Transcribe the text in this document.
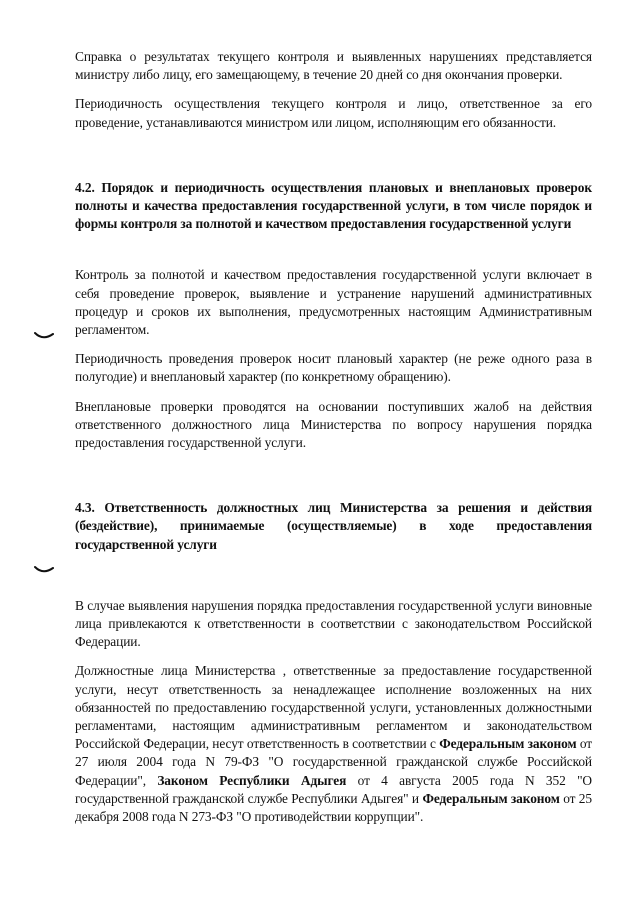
Справка о результатах текущего контроля и выявленных нарушениях представляется министру либо лицу, его замещающему, в течение 20 дней со дня окончания проверки.

Периодичность осуществления текущего контроля и лицо, ответственное за его проведение, устанавливаются министром или лицом, исполняющим его обязанности.

4.2. Порядок и периодичность осуществления плановых и внеплановых проверок полноты и качества предоставления государственной услуги, в том числе порядок и формы контроля за полнотой и качеством предоставления государственной услуги

Контроль за полнотой и качеством предоставления государственной услуги включает в себя проведение проверок, выявление и устранение нарушений административных процедур и сроков их выполнения, предусмотренных настоящим Административным регламентом.

Периодичность проведения проверок носит плановый характер (не реже одного раза в полугодие) и внеплановый характер (по конкретному обращению).

Внеплановые проверки проводятся на основании поступивших жалоб на действия ответственного должностного лица Министерства по вопросу нарушения порядка предоставления государственной услуги.

4.3. Ответственность должностных лиц Министерства за решения и действия (бездействие), принимаемые (осуществляемые) в ходе предоставления государственной услуги

В случае выявления нарушения порядка предоставления государственной услуги виновные лица привлекаются к ответственности в соответствии с законодательством Российской Федерации.

Должностные лица Министерства , ответственные за предоставление государственной услуги, несут ответственность за ненадлежащее исполнение возложенных на них обязанностей по предоставлению государственной услуги, установленных должностными регламентами, настоящим административным регламентом и законодательством Российской Федерации, несут ответственность в соответствии с Федеральным законом от 27 июля 2004 года N 79-ФЗ "О государственной гражданской службе Российской Федерации", Законом Республики Адыгея от 4 августа 2005 года N 352 "О государственной гражданской службе Республики Адыгея" и Федеральным законом от 25 декабря 2008 года N 273-ФЗ "О противодействии коррупции".
